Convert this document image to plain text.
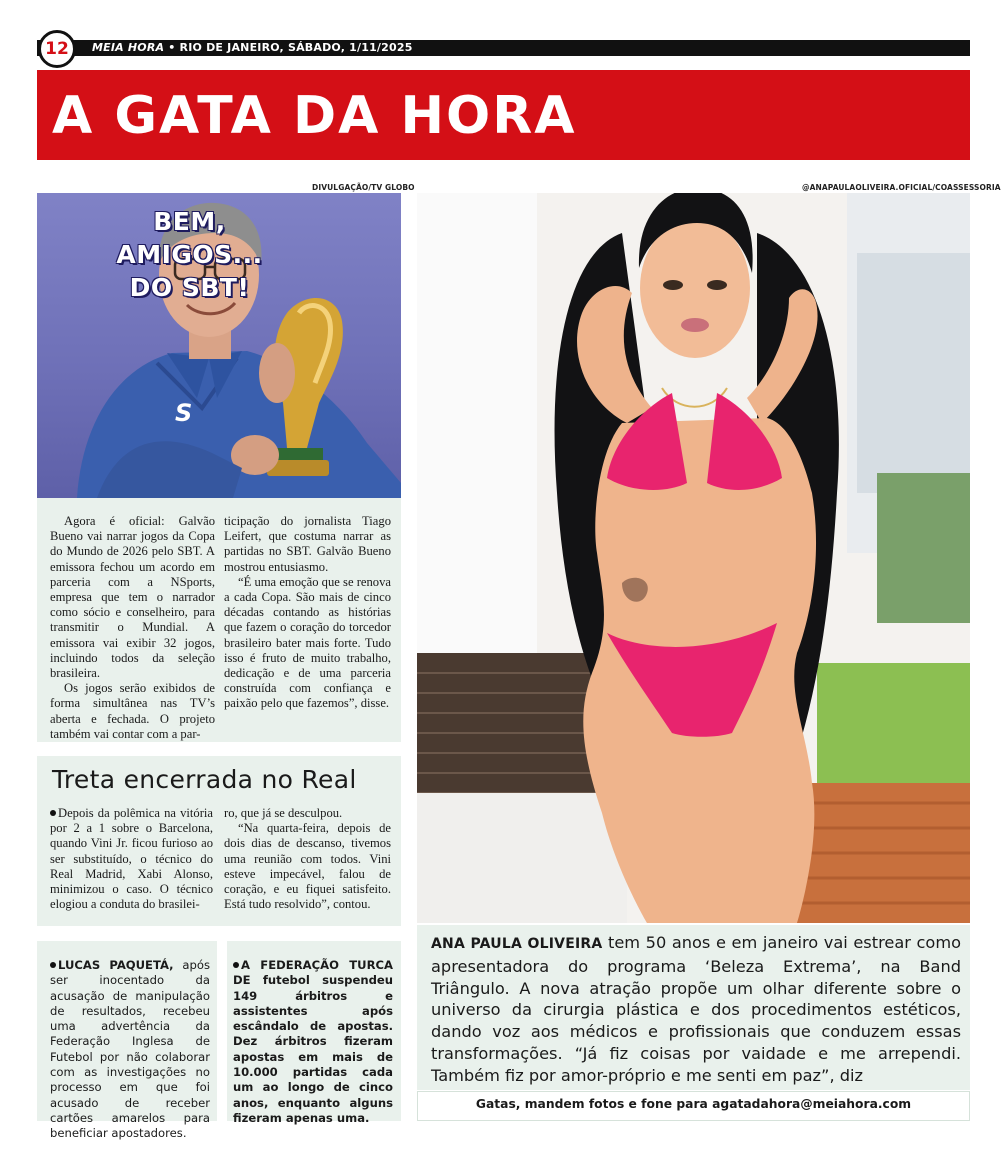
12	MEIA HORA • RIO DE JANEIRO, SÁBADO, 1/11/2025
A GATA DA HORA
DIVULGAÇÃO/TV GLOBO	@ANAPAULAOLIVEIRA.OFICIAL/COASSESSORIA
S
BEM,
AMIGOS...
DO SBT!

Agora é oficial: Galvão Bueno vai narrar jogos da Copa do Mundo de 2026 pelo SBT. A emissora fechou um acordo em parceria com a NSports, empresa que tem o narrador como sócio e conselheiro, para transmitir o Mundial. A emissora vai exibir 32 jogos, incluindo todos da seleção brasileira.

Os jogos serão exibidos de forma simultânea nas TV’s aberta e fechada. O projeto também vai contar com a par-

ticipação do jornalista Tiago Leifert, que costuma narrar as partidas no SBT. Galvão Bueno mostrou entusiasmo.

“É uma emoção que se renova a cada Copa. São mais de cinco décadas contando as histórias que fazem o coração do torcedor brasileiro bater mais forte. Tudo isso é fruto de muito trabalho, dedicação e de uma parceria construída com confiança e paixão pelo que fazemos”, disse.

Treta encerrada no Real

Depois da polêmica na vitória por 2 a 1 sobre o Barcelona, quando Vini Jr. ficou furioso ao ser substituído, o técnico do Real Madrid, Xabi Alonso, minimizou o caso. O técnico elogiou a conduta do brasilei-

ro, que já se desculpou.

“Na quarta-feira, depois de dois dias de descanso, tivemos uma reunião com todos. Vini esteve impecável, falou de coração, e eu fiquei satisfeito. Está tudo resolvido”, contou.

LUCAS PAQUETÁ, após ser inocentado da acusação de manipulação de resultados, recebeu uma advertência da Federação Inglesa de Futebol por não colaborar com as investigações no processo em que foi acusado de receber cartões amarelos para beneficiar apostadores.
A FEDERAÇÃO TURCA DE futebol suspendeu 149 árbitros e assistentes após escândalo de apostas. Dez árbitros fizeram apostas em mais de 10.000 partidas cada um ao longo de cinco anos, enquanto alguns fizeram apenas uma.
ANA PAULA OLIVEIRA tem 50 anos e em janeiro vai estrear como apresentadora do programa ‘Beleza Extrema’, na Band Triângulo. A nova atração propõe um olhar diferente sobre o universo da cirurgia plástica e dos procedimentos estéticos, dando voz aos médicos e profissionais que conduzem essas transformações. “Já fiz coisas por vaidade e me arrependi. Também fiz por amor-próprio e me senti em paz”, diz
Gatas, mandem fotos e fone para agatadahora@meiahora.com
